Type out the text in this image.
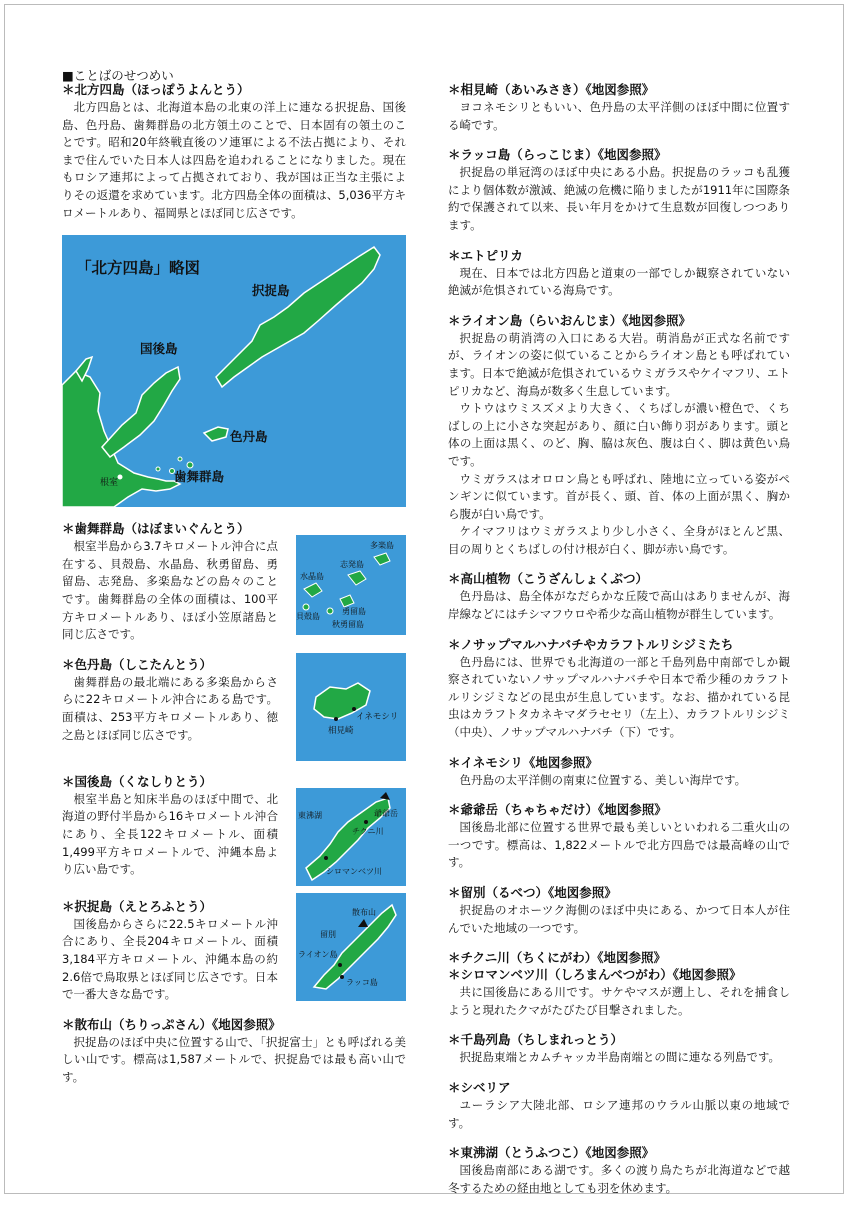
■ことばのせつめい
＊北方四島（ほっぽうよんとう）

北方四島とは、北海道本島の北東の洋上に連なる択捉島、国後島、色丹島、歯舞群島の北方領土のことで、日本固有の領土のことです。昭和20年終戦直後のソ連軍による不法占拠により、それまで住んでいた日本人は四島を追われることになりました。現在もロシア連邦によって占拠されており、我が国は正当な主張によりその返還を求めています。北方四島全体の面積は、5,036平方キロメートルあり、福岡県とほぼ同じ広さです。

「北方四島」略図
択捉島
国後島
色丹島
歯舞群島
根室
＊歯舞群島（はぼまいぐんとう）

根室半島から3.7キロメートル沖合に点在する、貝殻島、水晶島、秋勇留島、勇留島、志発島、多楽島などの島々のことです。歯舞群島の全体の面積は、100平方キロメートルあり、ほぼ小笠原諸島と同じ広さです。

多楽島
志発島
水晶島
勇留島
貝殻島
秋勇留島
＊色丹島（しこたんとう）

歯舞群島の最北端にある多楽島からさらに22キロメートル沖合にある島です。面積は、253平方キロメートルあり、徳之島とほぼ同じ広さです。

イネモシリ
相見崎
＊国後島（くなしりとう）

根室半島と知床半島のほぼ中間で、北海道の野付半島から16キロメートル沖合にあり、全長122キロメートル、面積1,499平方キロメートルで、沖縄本島より広い島です。

東沸湖	爺爺岳
チクニ川
シロマンベツ川
＊択捉島（えとろふとう）

国後島からさらに22.5キロメートル沖合にあり、全長204キロメートル、面積3,184平方キロメートル、沖縄本島の約2.6倍で鳥取県とほぼ同じ広さです。日本で一番大きな島です。

散布山
留別
ライオン島
ラッコ島
＊散布山（ちりっぷさん）《地図参照》

択捉島のほぼ中央に位置する山で、「択捉富士」とも呼ばれる美しい山です。標高は1,587メートルで、択捉島では最も高い山です。

＊相見崎（あいみさき）《地図参照》

ヨコネモシリともいい、色丹島の太平洋側のほぼ中間に位置する崎です。

＊ラッコ島（らっこじま）《地図参照》

択捉島の単冠湾のほぼ中央にある小島。択捉島のラッコも乱獲により個体数が激減、絶滅の危機に陥りましたが1911年に国際条約で保護されて以来、長い年月をかけて生息数が回復しつつあります。

＊エトピリカ

現在、日本では北方四島と道東の一部でしか観察されていない絶滅が危惧されている海鳥です。

＊ライオン島（らいおんじま）《地図参照》

択捉島の萌消湾の入口にある大岩。萌消島が正式な名前ですが、ライオンの姿に似ていることからライオン島とも呼ばれています。日本で絶滅が危惧されているウミガラスやケイマフリ、エトピリカなど、海鳥が数多く生息しています。

ウトウはウミスズメより大きく、くちばしが濃い橙色で、くちばしの上に小さな突起があり、顔に白い飾り羽があります。頭と体の上面は黒く、のど、胸、脇は灰色、腹は白く、脚は黄色い鳥です。

ウミガラスはオロロン鳥とも呼ばれ、陸地に立っている姿がペンギンに似ています。首が長く、頭、首、体の上面が黒く、胸から腹が白い鳥です。

ケイマフリはウミガラスより少し小さく、全身がほとんど黒、目の周りとくちばしの付け根が白く、脚が赤い鳥です。

＊高山植物（こうざんしょくぶつ）

色丹島は、島全体がなだらかな丘陵で高山はありませんが、海岸線などにはチシマフウロや希少な高山植物が群生しています。

＊ノサップマルハナバチやカラフトルリシジミたち

色丹島には、世界でも北海道の一部と千島列島中南部でしか観察されていないノサップマルハナバチや日本で希少種のカラフトルリシジミなどの昆虫が生息しています。なお、描かれている昆虫はカラフトタカネキマダラセセリ（左上）、カラフトルリシジミ（中央）、ノサップマルハナバチ（下）です。

＊イネモシリ《地図参照》

色丹島の太平洋側の南東に位置する、美しい海岸です。

＊爺爺岳（ちゃちゃだけ）《地図参照》

国後島北部に位置する世界で最も美しいといわれる二重火山の一つです。標高は、1,822メートルで北方四島では最高峰の山です。

＊留別（るべつ）《地図参照》

択捉島のオホーツク海側のほぼ中央にある、かつて日本人が住んでいた地域の一つです。

＊チクニ川（ちくにがわ）《地図参照》
＊シロマンベツ川（しろまんべつがわ）《地図参照》

共に国後島にある川です。サケやマスが遡上し、それを捕食しようと現れたクマがたびたび目撃されました。

＊千島列島（ちしまれっとう）

択捉島東端とカムチャッカ半島南端との間に連なる列島です。

＊シベリア

ユーラシア大陸北部、ロシア連邦のウラル山脈以東の地域です。

＊東沸湖（とうふつこ）《地図参照》

国後島南部にある湖です。多くの渡り鳥たちが北海道などで越冬するための経由地としても羽を休めます。
